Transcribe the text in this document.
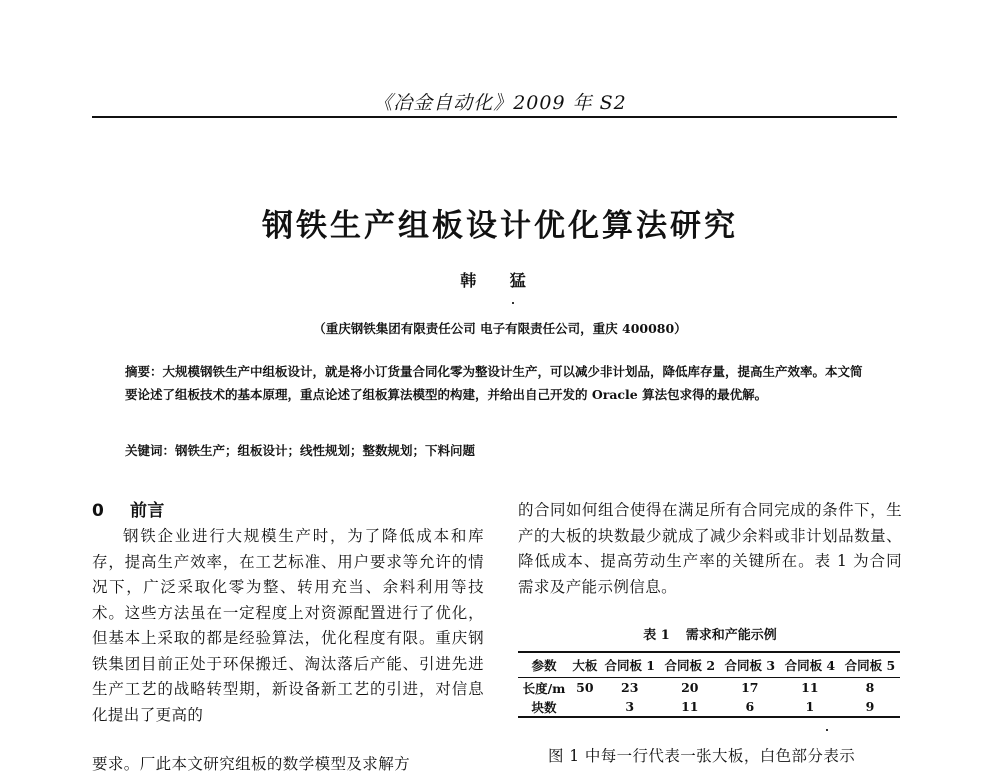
《冶金自动化》2009 年 S2
钢铁生产组板设计优化算法研究
韩 猛
（重庆钢铁集团有限责任公司 电子有限责任公司，重庆 400080）
摘要：大规模钢铁生产中组板设计，就是将小订货量合同化零为整设计生产，可以减少非计划品，降低库存量，提高生产效率。本文简要论述了组板技术的基本原理，重点论述了组板算法模型的构建，并给出自己开发的 Oracle 算法包求得的最优解。
关键词：钢铁生产；组板设计；线性规划；整数规划；下料问题
0 前言

钢铁企业进行大规模生产时，为了降低成本和库存，提高生产效率，在工艺标准、用户要求等允许的情况下，广泛采取化零为整、转用充当、余料利用等技术。这些方法虽在一定程度上对资源配置进行了优化，但基本上采取的都是经验算法，优化程度有限。重庆钢铁集团目前正处于环保搬迁、淘汰落后产能、引进先进生产工艺的战略转型期，新设备新工艺的引进，对信息化提出了更高的

要求。厂此本文研究组板的数学模型及求解方

的合同如何组合使得在满足所有合同完成的条件下，生产的大板的块数最少就成了减少余料或非计划品数量、降低成本、提高劳动生产率的关键所在。表 1 为合同需求及产能示例信息。

表 1 需求和产能示例
参数	大板	合同板 1	合同板 2	合同板 3	合同板 4	合同板 5
长度/m	50	23	20	17	11	8
块数		3	11	6	1	9
图 1 中每一行代表一张大板，白色部分表示
